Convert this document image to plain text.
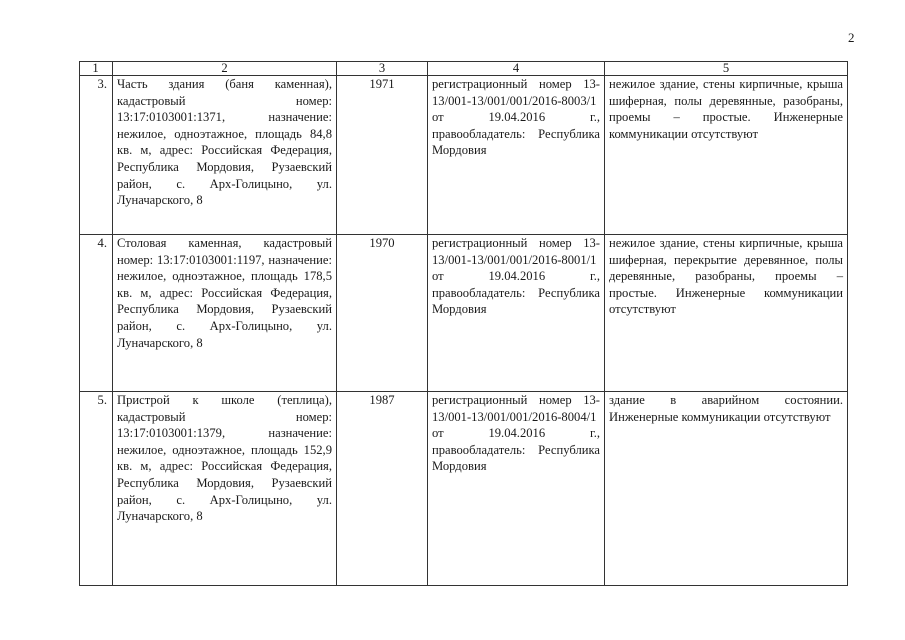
2
1	2	3	4	5
3.	Часть здания (баня каменная), кадастровый номер: 13:17:0103001:1371, назначение: нежилое, одноэтажное, площадь 84,8 кв. м, адрес: Российская Федерация, Республика Мордовия, Рузаевский район, с. Арх-Голицыно, ул. Луначарского, 8	1971	регистрационный номер 13-13/001-13/001/001/2016-8003/1 от 19.04.2016 г., правообладатель: Республика Мордовия	нежилое здание, стены кирпичные, крыша шиферная, полы деревянные, разобраны, проемы – простые. Инженерные коммуникации отсутствуют
4.	Столовая каменная, кадастровый номер: 13:17:0103001:1197, назначение: нежилое, одноэтажное, площадь 178,5 кв. м, адрес: Российская Федерация, Республика Мордовия, Рузаевский район, с. Арх-Голицыно, ул. Луначарского, 8	1970	регистрационный номер 13-13/001-13/001/001/2016-8001/1 от 19.04.2016 г., правообладатель: Республика Мордовия	нежилое здание, стены кирпичные, крыша шиферная, перекрытие деревянное, полы деревянные, разобраны, проемы – простые. Инженерные коммуникации отсутствуют
5.	Пристрой к школе (теплица), кадастровый номер: 13:17:0103001:1379, назначение: нежилое, одноэтажное, площадь 152,9 кв. м, адрес: Российская Федерация, Республика Мордовия, Рузаевский район, с. Арх-Голицыно, ул. Луначарского, 8	1987	регистрационный номер 13-13/001-13/001/001/2016-8004/1 от 19.04.2016 г., правообладатель: Республика Мордовия	здание в аварийном состоянии. Инженерные коммуникации отсутствуют
